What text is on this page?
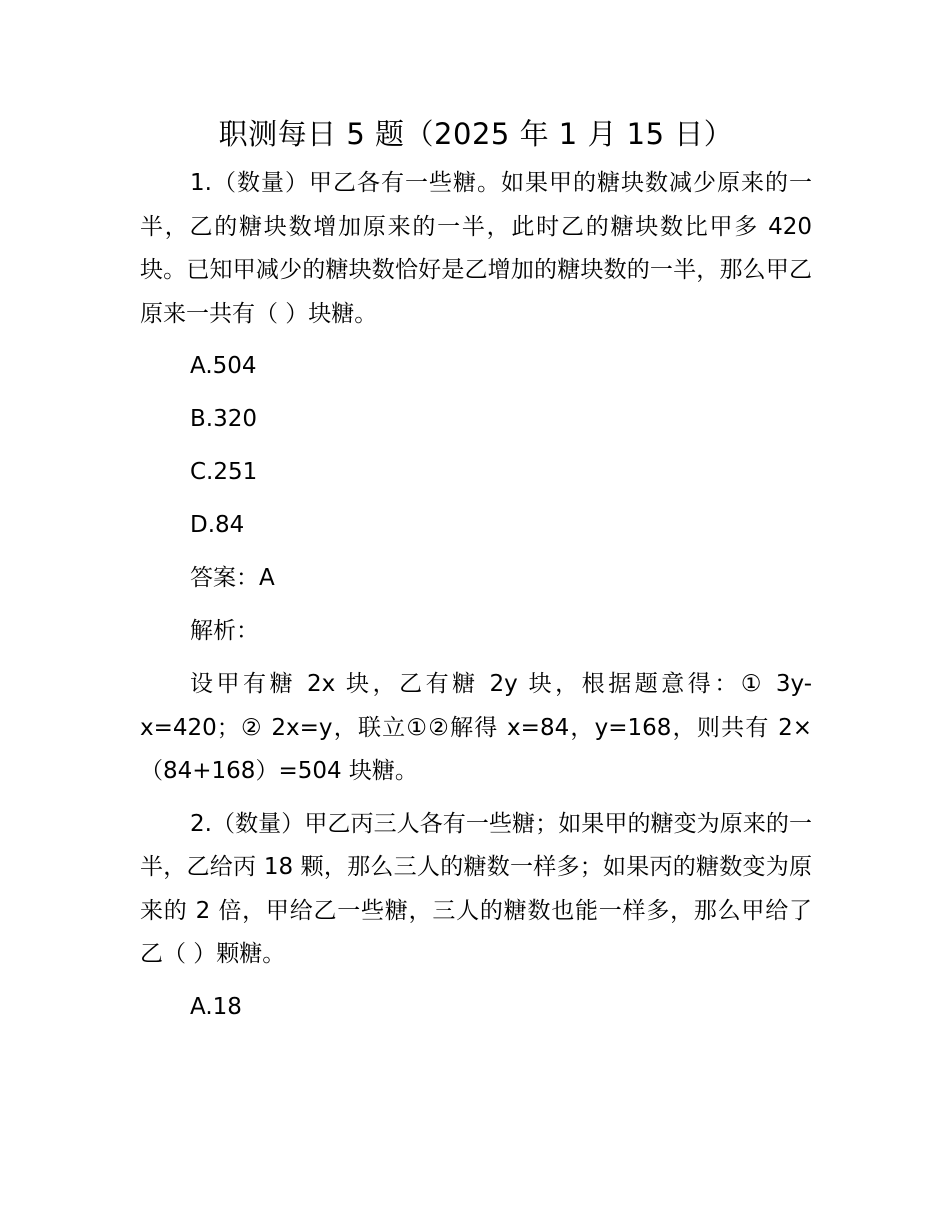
职测每日 5 题（2025 年 1 月 15 日）
1.（数量）甲乙各有一些糖。如果甲的糖块数减少原来的一半，乙的糖块数增加原来的一半，此时乙的糖块数比甲多 420 块。已知甲减少的糖块数恰好是乙增加的糖块数的一半，那么甲乙原来一共有（ ）块糖。
A.504
B.320
C.251
D.84
答案：A
解析：
设甲有糖 2x 块，乙有糖 2y 块，根据题意得：① 3y-x=420；② 2x=y，联立①②解得 x=84，y=168，则共有 2×（84+168）=504 块糖。
2.（数量）甲乙丙三人各有一些糖；如果甲的糖变为原来的一半，乙给丙 18 颗，那么三人的糖数一样多；如果丙的糖数变为原来的 2 倍，甲给乙一些糖，三人的糖数也能一样多，那么甲给了乙（ ）颗糖。
A.18
